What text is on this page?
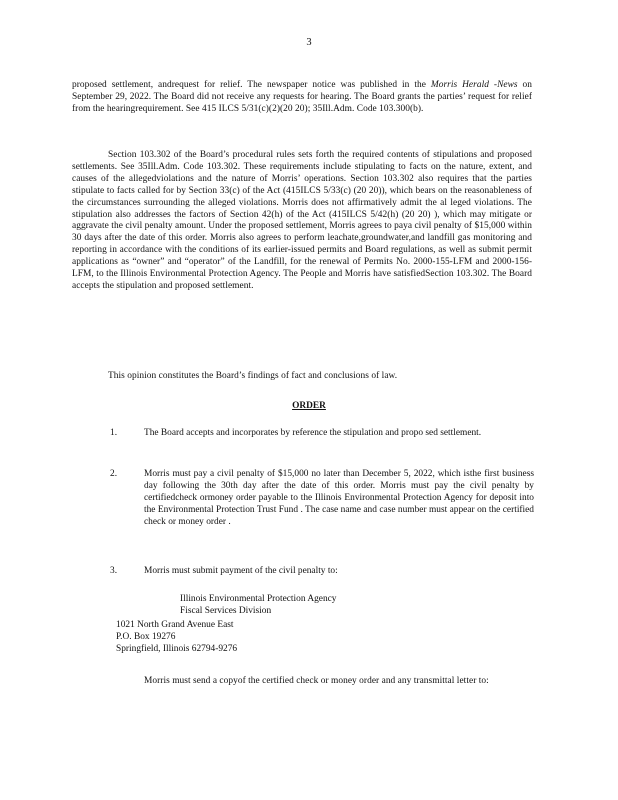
3

proposed settlement, andrequest for relief. The newspaper notice was published in the Morris Herald -News on September 29, 2022. The Board did not receive any requests for hearing. The Board grants the parties’ request for relief from the hearingrequirement. See 415 ILCS 5/31(c)(2)(20 20); 35Ill.Adm. Code 103.300(b).

Section 103.302 of the Board’s procedural rules sets forth the required contents of stipulations and proposed settlements. See 35Ill.Adm. Code 103.302. These requirements include stipulating to facts on the nature, extent, and causes of the allegedviolations and the nature of Morris’ operations. Section 103.302 also requires that the parties stipulate to facts called for by Section 33(c) of the Act (415ILCS 5/33(c) (20 20)), which bears on the reasonableness of the circumstances surrounding the alleged violations. Morris does not affirmatively admit the al leged violations. The stipulation also addresses the factors of Section 42(h) of the Act (415ILCS 5/42(h) (20 20) ), which may mitigate or aggravate the civil penalty amount. Under the proposed settlement, Morris agrees to paya civil penalty of $15,000 within 30 days after the date of this order. Morris also agrees to perform leachate,groundwater,and landfill gas monitoring and reporting in accordance with the conditions of its earlier-issued permits and Board regulations, as well as submit permit applications as “owner” and “operator” of the Landfill, for the renewal of Permits No. 2000-155-LFM and 2000-156- LFM, to the Illinois Environmental Protection Agency. The People and Morris have satisfiedSection 103.302. The Board accepts the stipulation and proposed settlement.

This opinion constitutes the Board’s findings of fact and conclusions of law.

ORDER
1.	The Board accepts and incorporates by reference the stipulation and propo sed settlement.
2.	Morris must pay a civil penalty of $15,000 no later than December 5, 2022, which isthe first business day following the 30th day after the date of this order. Morris must pay the civil penalty by certifiedcheck ormoney order payable to the Illinois Environmental Protection Agency for deposit into the Environmental Protection Trust Fund . The case name and case number must appear on the certified check or money order .
3.	Morris must submit payment of the civil penalty to:
Illinois Environmental Protection Agency
Fiscal Services Division
1021 North Grand Avenue East
P.O. Box 19276
Springfield, Illinois 62794-9276

Morris must send a copyof the certified check or money order and any transmittal letter to:
